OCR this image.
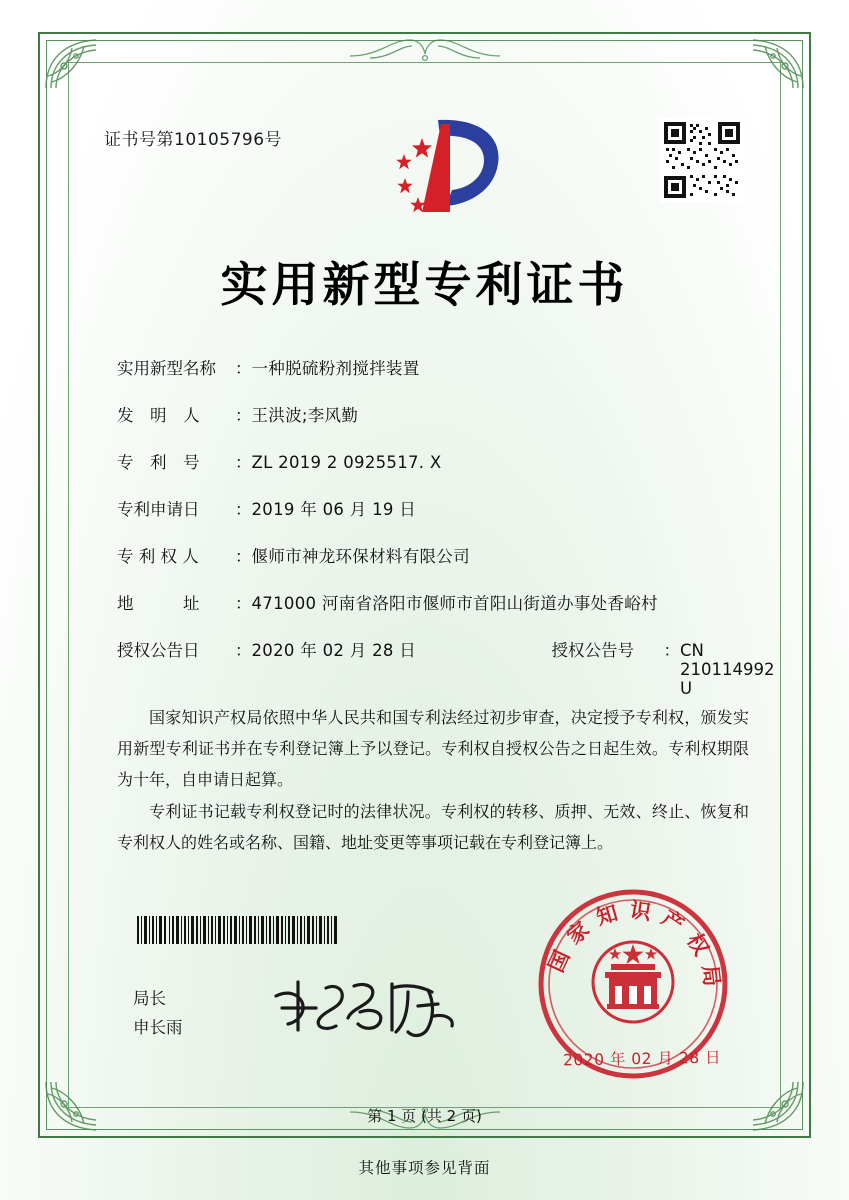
证书号第10105796号
实用新型专利证书
实用新型名称	： 一种脱硫粉剂搅拌装置
发　明　人	： 王洪波;李风勤
专　利　号	： ZL 2019 2 0925517. X
专利申请日	： 2019 年 06 月 19 日
专 利 权 人	： 偃师市神龙环保材料有限公司
地　　　址	： 471000 河南省洛阳市偃师市首阳山街道办事处香峪村
授权公告日	： 2020 年 02 月 28 日	授权公告号	： CN 210114992 U

国家知识产权局依照中华人民共和国专利法经过初步审查，决定授予专利权，颁发实用新型专利证书并在专利登记簿上予以登记。专利权自授权公告之日起生效。专利权期限为十年，自申请日起算。

专利证书记载专利权登记时的法律状况。专利权的转移、质押、无效、终止、恢复和专利权人的姓名或名称、国籍、地址变更等事项记载在专利登记簿上。

局长
申长雨
国家知识产权局
2020 年 02 月 28 日
第 1 页 (共 2 页)
其他事项参见背面
